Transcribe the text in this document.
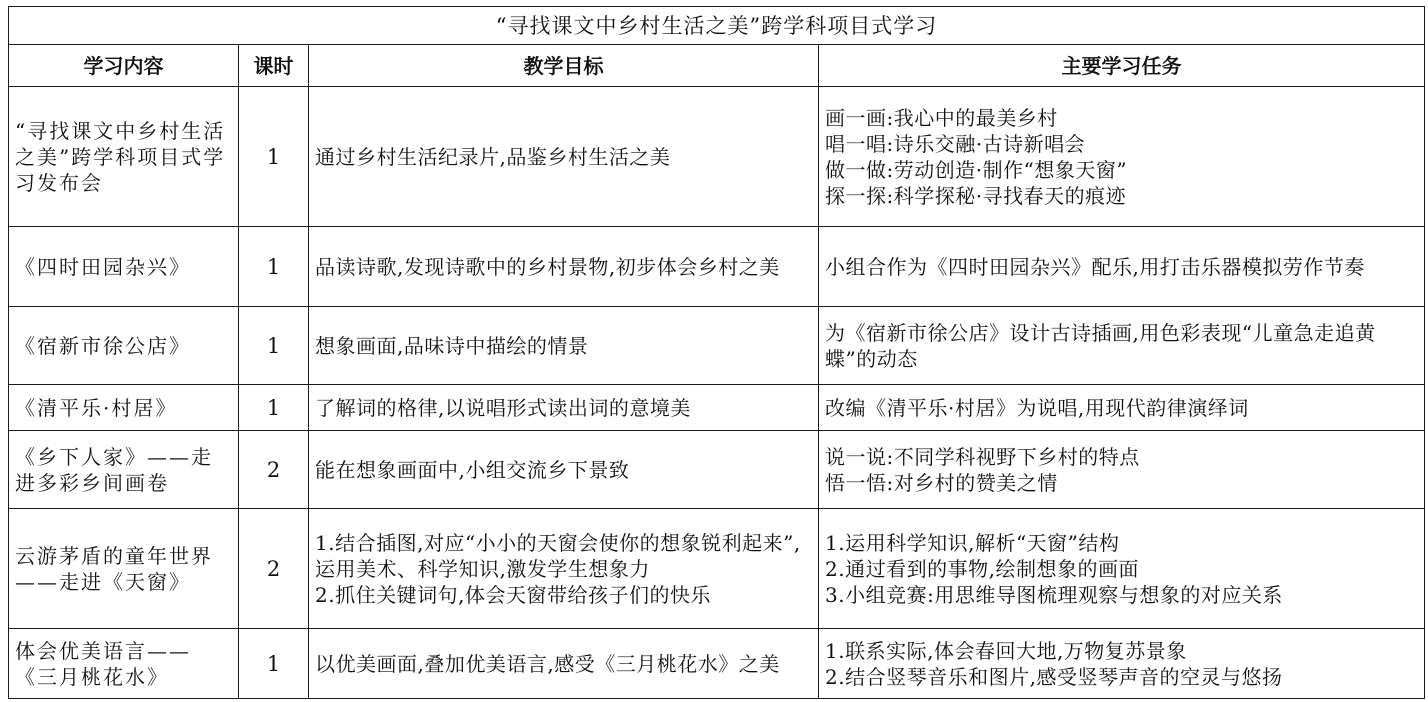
“寻找课文中乡村生活之美”跨学科项目式学习			
学习内容	课时	教学目标	主要学习任务
“寻找课文中乡村生活之美”跨学科项目式学习发布会	1	通过乡村生活纪录片,品鉴乡村生活之美	画一画:我心中的最美乡村
唱一唱:诗乐交融·古诗新唱会
做一做:劳动创造·制作“想象天窗”
探一探:科学探秘·寻找春天的痕迹

《四时田园杂兴》	1	品读诗歌,发现诗歌中的乡村景物,初步体会乡村之美	小组合作为《四时田园杂兴》配乐,用打击乐器模拟劳作节奏

《宿新市徐公店》	1	想象画面,品味诗中描绘的情景	为《宿新市徐公店》设计古诗插画,用色彩表现“儿童急走追黄蝶”的动态

《清平乐·村居》	1	了解词的格律,以说唱形式读出词的意境美	改编《清平乐·村居》为说唱,用现代韵律演绎词

《乡下人家》——走进多彩乡间画卷	2	能在想象画面中,小组交流乡下景致	说一说:不同学科视野下乡村的特点
悟一悟:对乡村的赞美之情

云游茅盾的童年世界——走进《天窗》	2	1.结合插图,对应“小小的天窗会使你的想象锐利起来”,运用美术、科学知识,激发学生想象力
2.抓住关键词句,体会天窗带给孩子们的快乐	1.运用科学知识,解析“天窗”结构
2.通过看到的事物,绘制想象的画面
3.小组竞赛:用思维导图梳理观察与想象的对应关系

体会优美语言——《三月桃花水》	1	以优美画面,叠加优美语言,感受《三月桃花水》之美	1.联系实际,体会春回大地,万物复苏景象
2.结合竖琴音乐和图片,感受竖琴声音的空灵与悠扬
